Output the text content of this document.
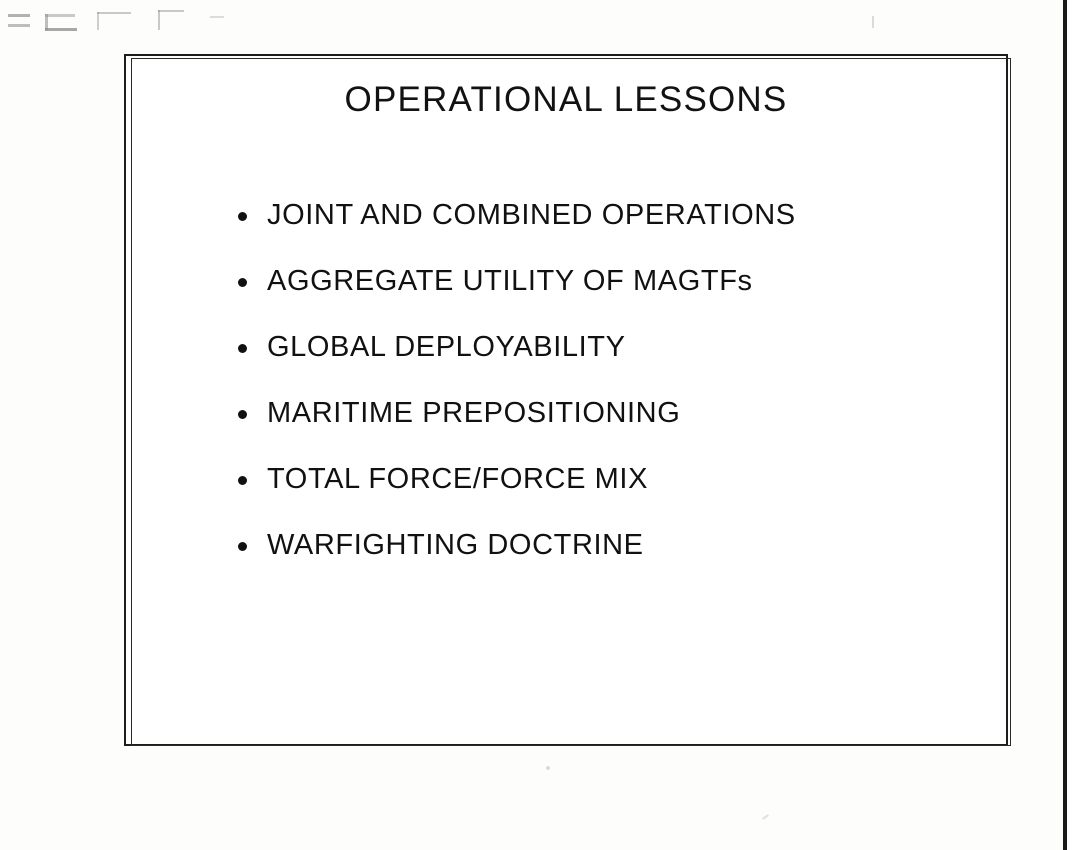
OPERATIONAL LESSONS
JOINT AND COMBINED OPERATIONS
AGGREGATE UTILITY OF MAGTFs
GLOBAL DEPLOYABILITY
MARITIME PREPOSITIONING
TOTAL FORCE/FORCE MIX
WARFIGHTING DOCTRINE
